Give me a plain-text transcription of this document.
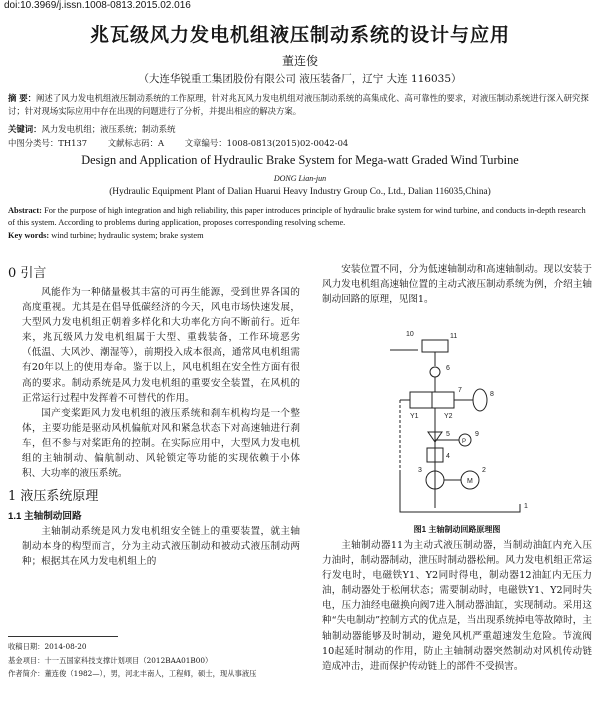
doi:10.3969/j.issn.1008-0813.2015.02.016
兆瓦级风力发电机组液压制动系统的设计与应用
董连俊
（大连华锐重工集团股份有限公司 液压装备厂，辽宁 大连 116035）
摘 要：阐述了风力发电机组液压制动系统的工作原理，针对兆瓦风力发电机组对液压制动系统的高集成化、高可靠性的要求，对液压制动系统进行深入研究探讨；针对现场实际应用中存在出现的问题进行了分析，并提出相应的解决方案。
关键词：风力发电机组；液压系统；制动系统
中图分类号：TH137 文献标志码：A 文章编号：1008-0813(2015)02-0042-04
Design and Application of Hydraulic Brake System for Mega-watt Graded Wind Turbine
DONG Lian-jun
(Hydraulic Equipment Plant of Dalian Huarui Heavy Industry Group Co., Ltd., Dalian 116035,China)
Abstract: For the purpose of high integration and high reliability, this paper introduces principle of hydraulic brake system for wind turbine, and conducts in-depth research of this system. According to problems during application, proposes corresponding resolving scheme.
Key words: wind turbine; hydraulic system; brake system
0 引言

风能作为一种储量极其丰富的可再生能源，受到世界各国的高度重视。尤其是在倡导低碳经济的今天，风电市场快速发展，大型风力发电机组正朝着多样化和大功率化方向不断前行。近年来，兆瓦级风力发电机组属于大型、重载装备，工作环境恶劣（低温、大风沙、潮湿等），前期投入成本很高，通常风电机组需有20年以上的使用寿命。鉴于以上，风电机组在安全性方面有很高的要求。制动系统是风力发电机组的重要安全装置，在风机的正常运行过程中发挥着不可替代的作用。

国产变桨距风力发电机组的液压系统和刹车机构均是一个整体，主要功能是驱动风机偏航对风和紧急状态下对高速轴进行刹车，但不参与对桨距角的控制。在实际应用中，大型风力发电机组的主轴制动、偏航制动、风轮锁定等功能的实现依赖于小体积、大功率的液压系统。

1 液压系统原理
1.1 主轴制动回路

主轴制动系统是风力发电机组安全链上的重要装置，就主轴制动本身的构型而言，分为主动式液压制动和被动式液压制动两种；根据其在风力发电机组上的

安装位置不同，分为低速轴制动和高速轴制动。现以安装于风力发电机组高速轴位置的主动式液压制动系统为例，介绍主轴制动回路的原理，见图1。

10	11
6
7
8
9
5
4
3	2
1
Y1	Y2
P
M
图1 主轴制动回路原理图

主轴制动器11为主动式液压制动器，当制动油缸内充入压力油时，制动器制动，泄压时制动器松闸。风力发电机组正常运行发电时，电磁铁Y1、Y2同时得电，制动器12油缸内无压力油，制动器处于松闸状态；需要制动时，电磁铁Y1、Y2同时失电，压力油经电磁换向阀7进入制动器油缸，实现制动。采用这种“失电制动”控制方式的优点是，当出现系统掉电等故障时，主轴制动器能够及时制动，避免风机严重超速发生危险。节流阀10起延时制动的作用，防止主轴制动器突然制动对风机传动链造成冲击，进而保护传动链上的部件不受损害。

收稿日期：2014-08-20
基金项目：十一五国家科技支撑计划项目（2012BAA01B00）
作者简介：董连俊（1982—），男，河北丰南人，工程师，硕士，现从事液压
